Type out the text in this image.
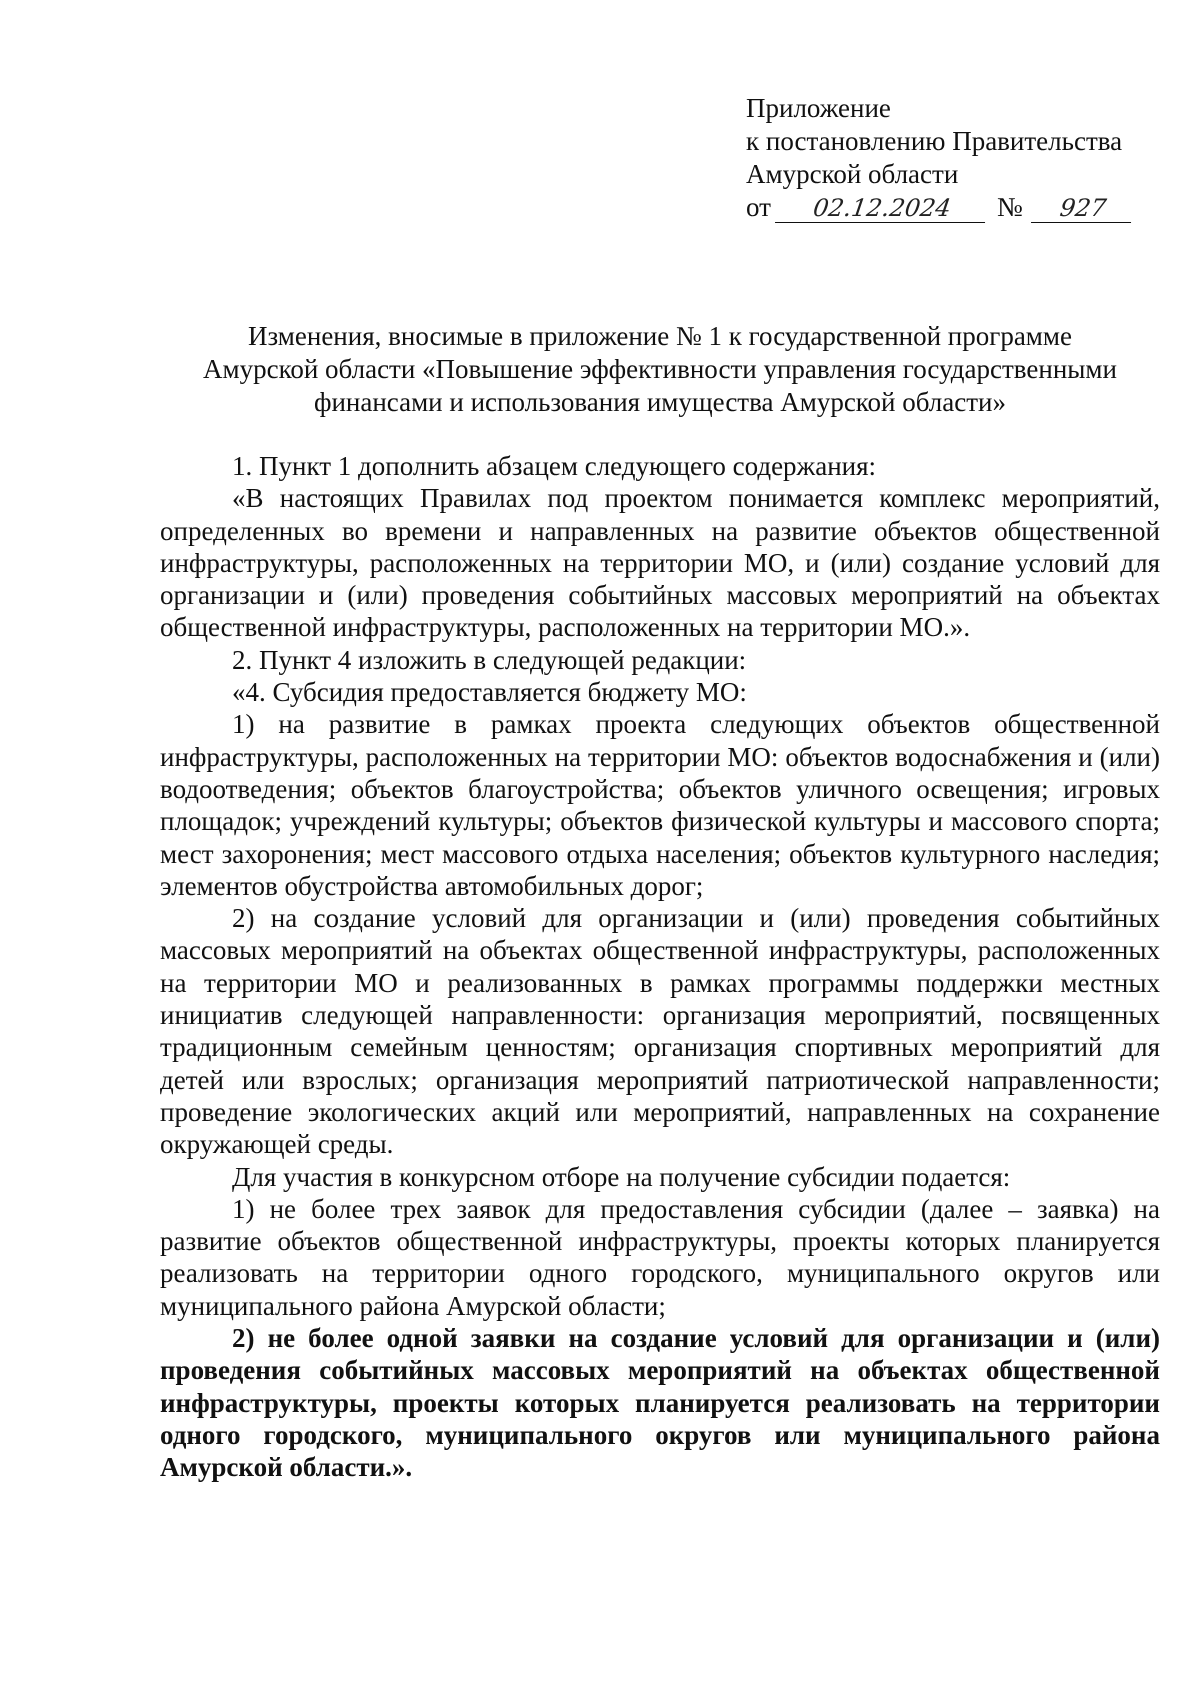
Приложение
к постановлению Правительства
Амурской области
от 02.12.2024 № 927
Изменения, вносимые в приложение № 1 к государственной программе
Амурской области «Повышение эффективности управления государственными
финансами и использования имущества Амурской области»

1. Пункт 1 дополнить абзацем следующего содержания:

«В настоящих Правилах под проектом понимается комплекс мероприятий, определенных во времени и направленных на развитие объектов общественной инфраструктуры, расположенных на территории МО, и (или) создание условий для организации и (или) проведения событийных массовых мероприятий на объектах общественной инфраструктуры, расположенных на территории МО.».

2. Пункт 4 изложить в следующей редакции:

«4. Субсидия предоставляется бюджету МО:

1) на развитие в рамках проекта следующих объектов общественной инфраструктуры, расположенных на территории МО: объектов водоснабжения и (или) водоотведения; объектов благоустройства; объектов уличного освещения; игровых площадок; учреждений культуры; объектов физической культуры и массового спорта; мест захоронения; мест массового отдыха населения; объектов культурного наследия; элементов обустройства автомобильных дорог;

2) на создание условий для организации и (или) проведения событийных массовых мероприятий на объектах общественной инфраструктуры, расположенных на территории МО и реализованных в рамках программы поддержки местных инициатив следующей направленности: организация мероприятий, посвященных традиционным семейным ценностям; организация спортивных мероприятий для детей или взрослых; организация мероприятий патриотической направленности; проведение экологических акций или мероприятий, направленных на сохранение окружающей среды.

Для участия в конкурсном отборе на получение субсидии подается:

1) не более трех заявок для предоставления субсидии (далее – заявка) на развитие объектов общественной инфраструктуры, проекты которых планируется реализовать на территории одного городского, муниципального округов или муниципального района Амурской области;

2) не более одной заявки на создание условий для организации и (или) проведения событийных массовых мероприятий на объектах общественной инфраструктуры, проекты которых планируется реализовать на территории одного городского, муниципального округов или муниципального района Амурской области.».
